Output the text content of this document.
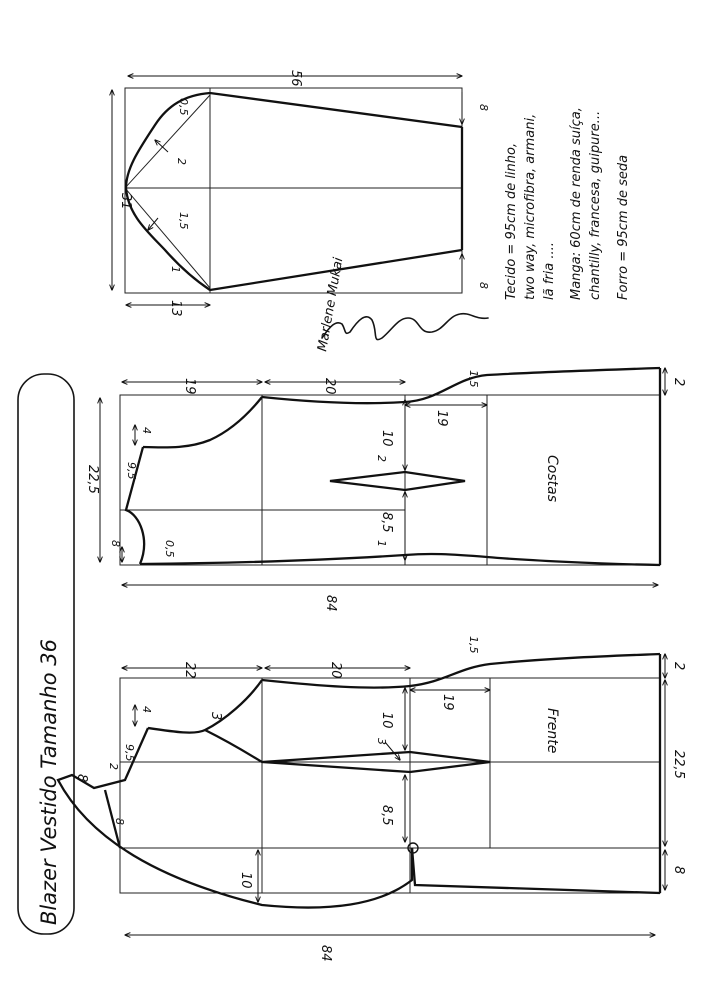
56
31
13
8
8
0,5
2
1,5
1	Tecido = 95cm de linho, two way, microfibra, armani, lã fria .... Manga: 60cm de renda suíça, chantilly, francesa, guipure... Forro = 95cm de seda
Marlene Mukai
Blazer Vestido Tamanho 36
19	20
19
1,5	2
22,5
4
9,5
8	0,5
10
2
8,5
1
84
Costas
22	20
19
1,5
2
22,5
8
3
4
9,5
8
2
8
10
3
8,5
10
84
Frente
